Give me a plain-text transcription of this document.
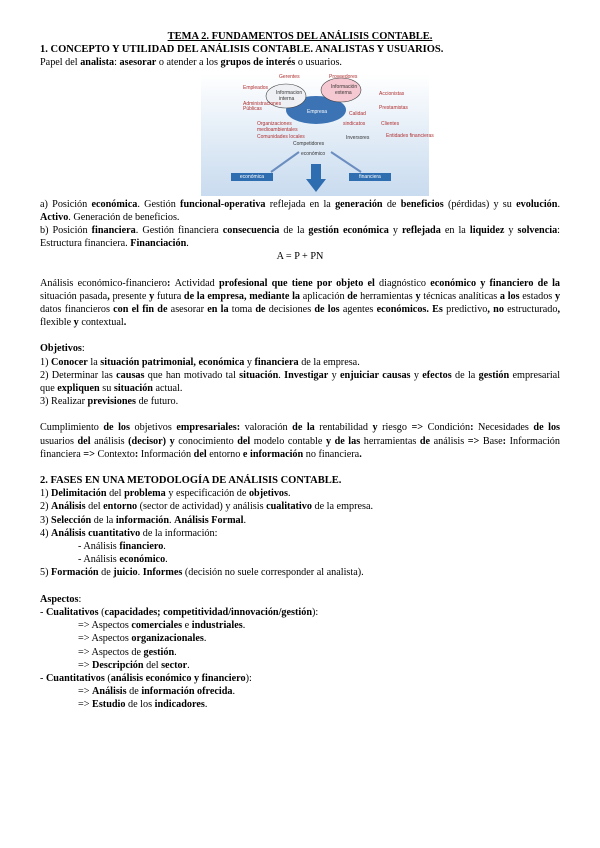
TEMA 2. FUNDAMENTOS DEL ANÁLISIS CONTABLE.

1. CONCEPTO Y UTILIDAD DEL ANÁLISIS CONTABLE. ANALISTAS Y USUARIOS.

Papel del analista: asesorar o atender a los grupos de interés o usuarios.

Gerentes
Empleados
Proveedores
Clientes
Accionistas
Administraciones Públicas	Prestamistas
Competidores
Inversores
Informacion
interna
Información
externa
Empresa
Organizaciones
medioambientales
sindicatos
Calidad
Entidades financieras
Comunidades locales
económico
económica	financiera

a) Posición económica. Gestión funcional-operativa reflejada en la generación de beneficios (pérdidas) y su evolución. Activo. Generación de beneficios.

b) Posición financiera. Gestión financiera consecuencia de la gestión económica y reflejada en la liquidez y solvencia: Estructura financiera. Financiación.

A = P + PN

Análisis económico-financiero: Actividad profesional que tiene por objeto el diagnóstico económico y financiero de la situación pasada, presente y futura de la empresa, mediante la aplicación de herramientas y técnicas analíticas a los estados y datos financieros con el fin de asesorar en la toma de decisiones de los agentes económicos. Es predictivo, no estructurado, flexible y contextual.

Objetivos:

1) Conocer la situación patrimonial, económica y financiera de la empresa.

2) Determinar las causas que han motivado tal situación. Investigar y enjuiciar causas y efectos de la gestión empresarial que expliquen su situación actual.

3) Realizar previsiones de futuro.

Cumplimiento de los objetivos empresariales: valoración de la rentabilidad y riesgo => Condición: Necesidades de los usuarios del análisis (decisor) y conocimiento del modelo contable y de las herramientas de análisis => Base: Información financiera => Contexto: Información del entorno e información no financiera.

2. FASES EN UNA METODOLOGÍA DE ANÁLISIS CONTABLE.

1) Delimitación del problema y especificación de objetivos.

2) Análisis del entorno (sector de actividad) y análisis cualitativo de la empresa.

3) Selección de la información. Análisis Formal.

4) Análisis cuantitativo de la información:

- Análisis financiero.

- Análisis económico.

5) Formación de juicio. Informes (decisión no suele corresponder al analista).

Aspectos:

- Cualitativos (capacidades; competitividad/innovación/gestión):

=> Aspectos comerciales e industriales.

=> Aspectos organizacionales.

=> Aspectos de gestión.

=> Descripción del sector.

- Cuantitativos (análisis económico y financiero):

=> Análisis de información ofrecida.

=> Estudio de los indicadores.
